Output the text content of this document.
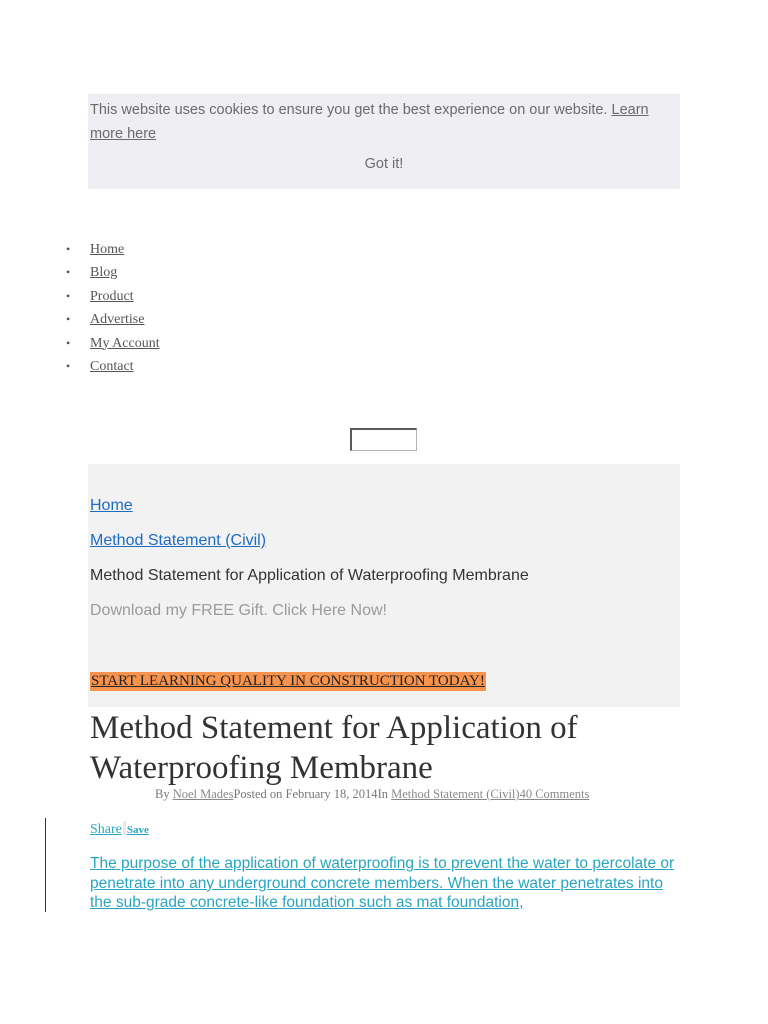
This website uses cookies to ensure you get the best experience on our website. Learn more here
Got it!
• Home
• Blog
• Product
• Advertise
• My Account
• Contact
Home
Method Statement (Civil)
Method Statement for Application of Waterproofing Membrane
Download my FREE Gift. Click Here Now!
START LEARNING QUALITY IN CONSTRUCTION TODAY!
Method Statement for Application of Waterproofing Membrane
By Noel MadesPosted on February 18, 2014In Method Statement (Civil)40 Comments
Share Save
The purpose of the application of waterproofing is to prevent the water to percolate or penetrate into any underground concrete members. When the water penetrates into the sub-grade concrete-like foundation such as mat foundation,
